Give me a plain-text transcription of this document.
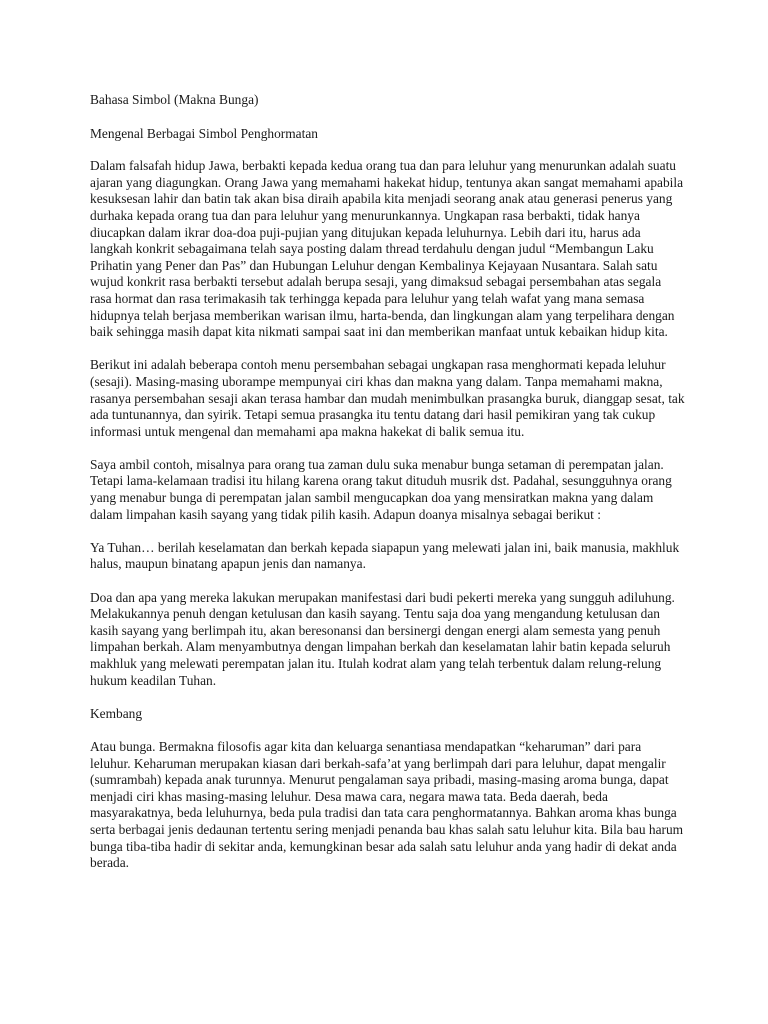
Bahasa Simbol (Makna Bunga)

Mengenal Berbagai Simbol Penghormatan

Dalam falsafah hidup Jawa, berbakti kepada kedua orang tua dan para leluhur yang menurunkan adalah suatu ajaran yang diagungkan. Orang Jawa yang memahami hakekat hidup, tentunya akan sangat memahami apabila kesuksesan lahir dan batin tak akan bisa diraih apabila kita menjadi seorang anak atau generasi penerus yang durhaka kepada orang tua dan para leluhur yang menurunkannya. Ungkapan rasa berbakti, tidak hanya diucapkan dalam ikrar doa-doa puji-pujian yang ditujukan kepada leluhurnya. Lebih dari itu, harus ada langkah konkrit sebagaimana telah saya posting dalam thread terdahulu dengan judul “Membangun Laku Prihatin yang Pener dan Pas” dan Hubungan Leluhur dengan Kembalinya Kejayaan Nusantara. Salah satu wujud konkrit rasa berbakti tersebut adalah berupa sesaji, yang dimaksud sebagai persembahan atas segala rasa hormat dan rasa terimakasih tak terhingga kepada para leluhur yang telah wafat yang mana semasa hidupnya telah berjasa memberikan warisan ilmu, harta-benda, dan lingkungan alam yang terpelihara dengan baik sehingga masih dapat kita nikmati sampai saat ini dan memberikan manfaat untuk kebaikan hidup kita.

Berikut ini adalah beberapa contoh menu persembahan sebagai ungkapan rasa menghormati kepada leluhur (sesaji). Masing-masing uborampe mempunyai ciri khas dan makna yang dalam. Tanpa memahami makna, rasanya persembahan sesaji akan terasa hambar dan mudah menimbulkan prasangka buruk, dianggap sesat, tak ada tuntunannya, dan syirik. Tetapi semua prasangka itu tentu datang dari hasil pemikiran yang tak cukup informasi untuk mengenal dan memahami apa makna hakekat di balik semua itu.

Saya ambil contoh, misalnya para orang tua zaman dulu suka menabur bunga setaman di perempatan jalan. Tetapi lama-kelamaan tradisi itu hilang karena orang takut dituduh musrik dst. Padahal, sesungguhnya orang yang menabur bunga di perempatan jalan sambil mengucapkan doa yang mensiratkan makna yang dalam dalam limpahan kasih sayang yang tidak pilih kasih. Adapun doanya misalnya sebagai berikut :

Ya Tuhan… berilah keselamatan dan berkah kepada siapapun yang melewati jalan ini, baik manusia, makhluk halus, maupun binatang apapun jenis dan namanya.

Doa dan apa yang mereka lakukan merupakan manifestasi dari budi pekerti mereka yang sungguh adiluhung. Melakukannya penuh dengan ketulusan dan kasih sayang. Tentu saja doa yang mengandung ketulusan dan kasih sayang yang berlimpah itu, akan beresonansi dan bersinergi dengan energi alam semesta yang penuh limpahan berkah. Alam menyambutnya dengan limpahan berkah dan keselamatan lahir batin kepada seluruh makhluk yang melewati perempatan jalan itu. Itulah kodrat alam yang telah terbentuk dalam relung-relung hukum keadilan Tuhan.

Kembang

Atau bunga. Bermakna filosofis agar kita dan keluarga senantiasa mendapatkan “keharuman” dari para leluhur. Keharuman merupakan kiasan dari berkah-safa’at yang berlimpah dari para leluhur, dapat mengalir (sumrambah) kepada anak turunnya. Menurut pengalaman saya pribadi, masing-masing aroma bunga, dapat menjadi ciri khas masing-masing leluhur. Desa mawa cara, negara mawa tata. Beda daerah, beda masyarakatnya, beda leluhurnya, beda pula tradisi dan tata cara penghormatannya. Bahkan aroma khas bunga serta berbagai jenis dedaunan tertentu sering menjadi penanda bau khas salah satu leluhur kita. Bila bau harum bunga tiba-tiba hadir di sekitar anda, kemungkinan besar ada salah satu leluhur anda yang hadir di dekat anda berada.
